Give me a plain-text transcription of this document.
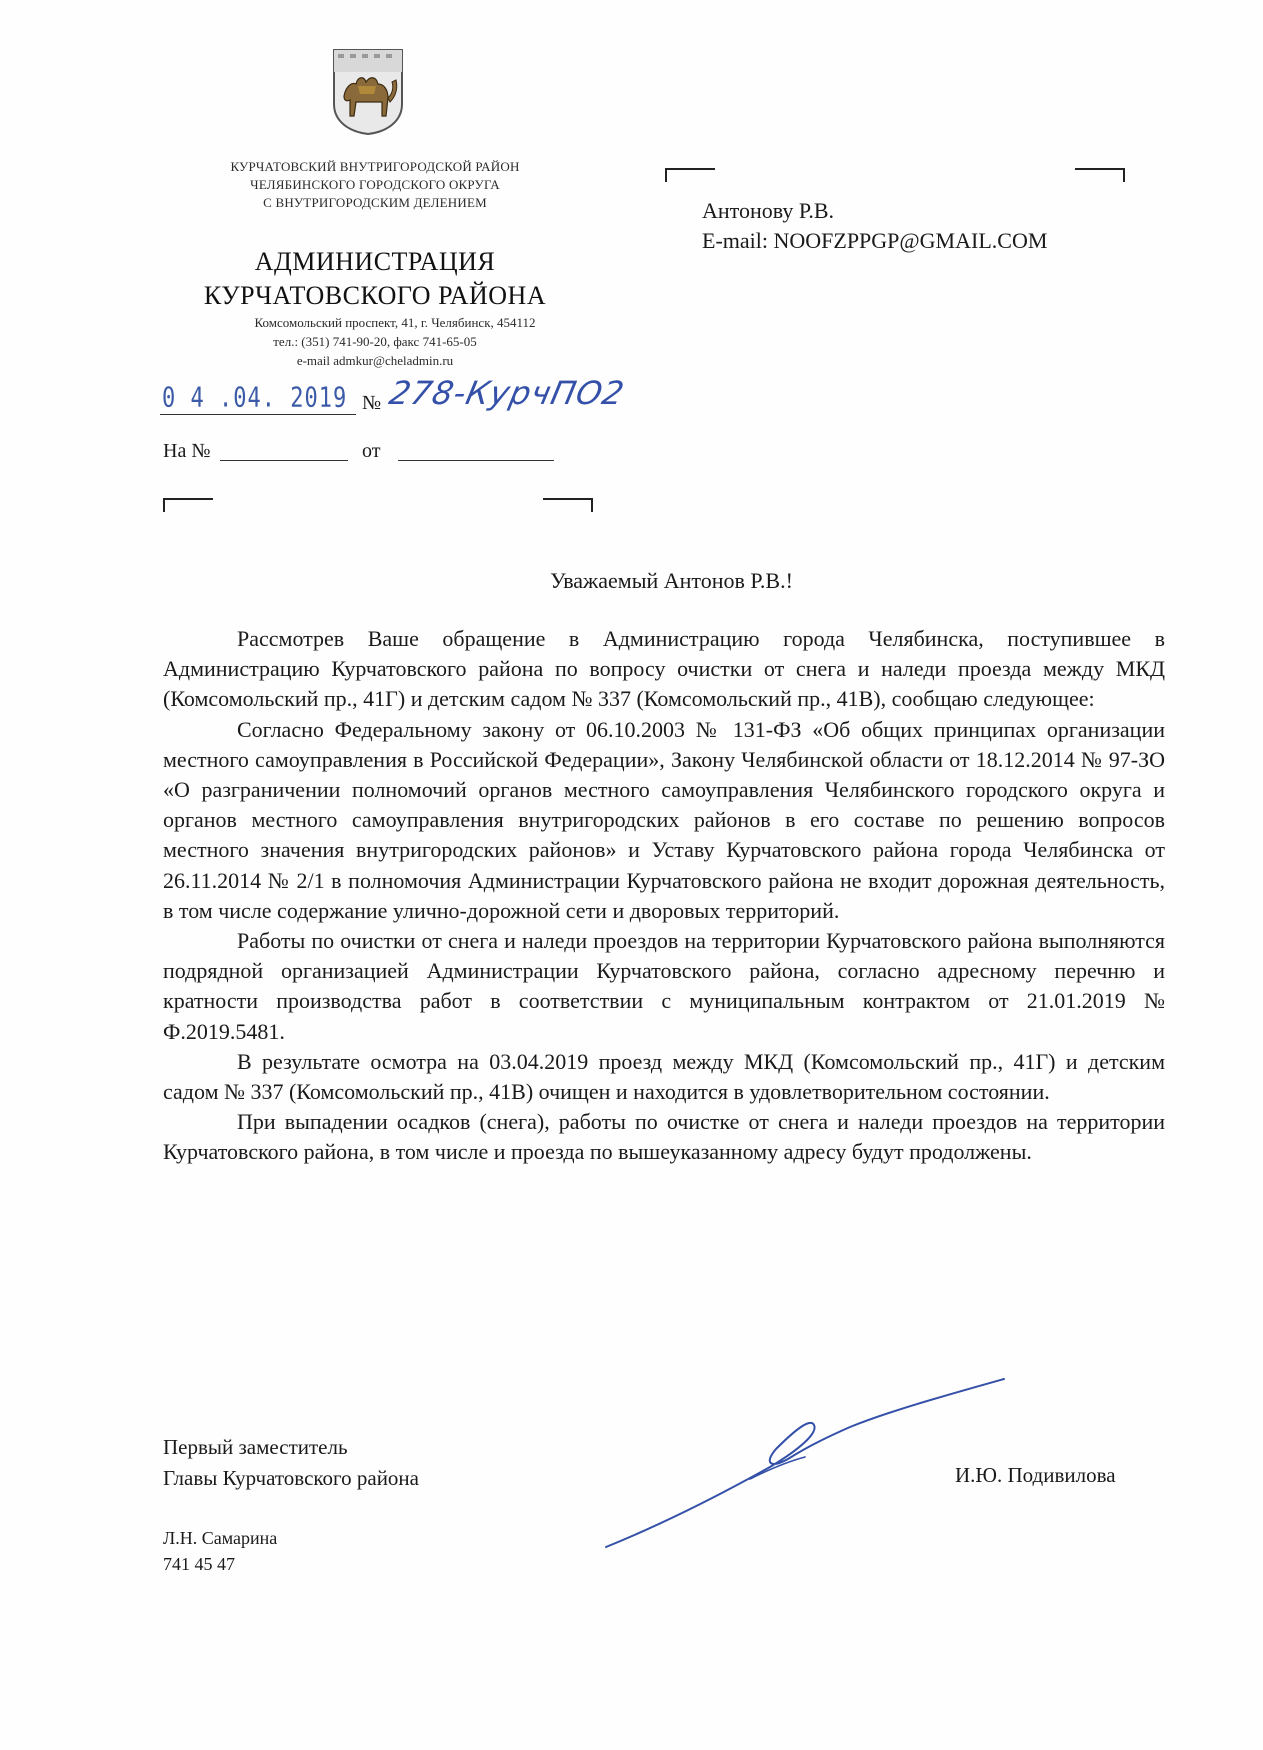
КУРЧАТОВСКИЙ ВНУТРИГОРОДСКОЙ РАЙОН
ЧЕЛЯБИНСКОГО ГОРОДСКОГО ОКРУГА
С ВНУТРИГОРОДСКИМ ДЕЛЕНИЕМ
АДМИНИСТРАЦИЯ
КУРЧАТОВСКОГО РАЙОНА
Комсомольский проспект, 41, г. Челябинск, 454112
тел.: (351) 741-90-20, факс 741-65-05
e-mail admkur@cheladmin.ru
0 4 .04. 2019 № 278-КурчПО2
На №	от
Антонову Р.В.
E-mail: NOOFZPPGP@GMAIL.COM
Уважаемый Антонов Р.В.!

Рассмотрев Ваше обращение в Администрацию города Челябинска, поступившее в Администрацию Курчатовского района по вопросу очистки от снега и наледи проезда между МКД (Комсомольский пр., 41Г) и детским садом № 337 (Комсомольский пр., 41В), сообщаю следующее:

Согласно Федеральному закону от 06.10.2003 № 131-ФЗ «Об общих принципах организации местного самоуправления в Российской Федерации», Закону Челябинской области от 18.12.2014 № 97-ЗО «О разграничении полномочий органов местного самоуправления Челябинского городского округа и органов местного самоуправления внутригородских районов в его составе по решению вопросов местного значения внутригородских районов» и Уставу Курчатовского района города Челябинска от 26.11.2014 № 2/1 в полномочия Администрации Курчатовского района не входит дорожная деятельность, в том числе содержание улично-дорожной сети и дворовых территорий.

Работы по очистки от снега и наледи проездов на территории Курчатовского района выполняются подрядной организацией Администрации Курчатовского района, согласно адресному перечню и кратности производства работ в соответствии с муниципальным контрактом от 21.01.2019 № Ф.2019.5481.

В результате осмотра на 03.04.2019 проезд между МКД (Комсомольский пр., 41Г) и детским садом № 337 (Комсомольский пр., 41В) очищен и находится в удовлетворительном состоянии.

При выпадении осадков (снега), работы по очистке от снега и наледи проездов на территории Курчатовского района, в том числе и проезда по вышеуказанному адресу будут продолжены.

Первый заместитель
Главы Курчатовского района	И.Ю. Подивилова
Л.Н. Самарина
741 45 47
